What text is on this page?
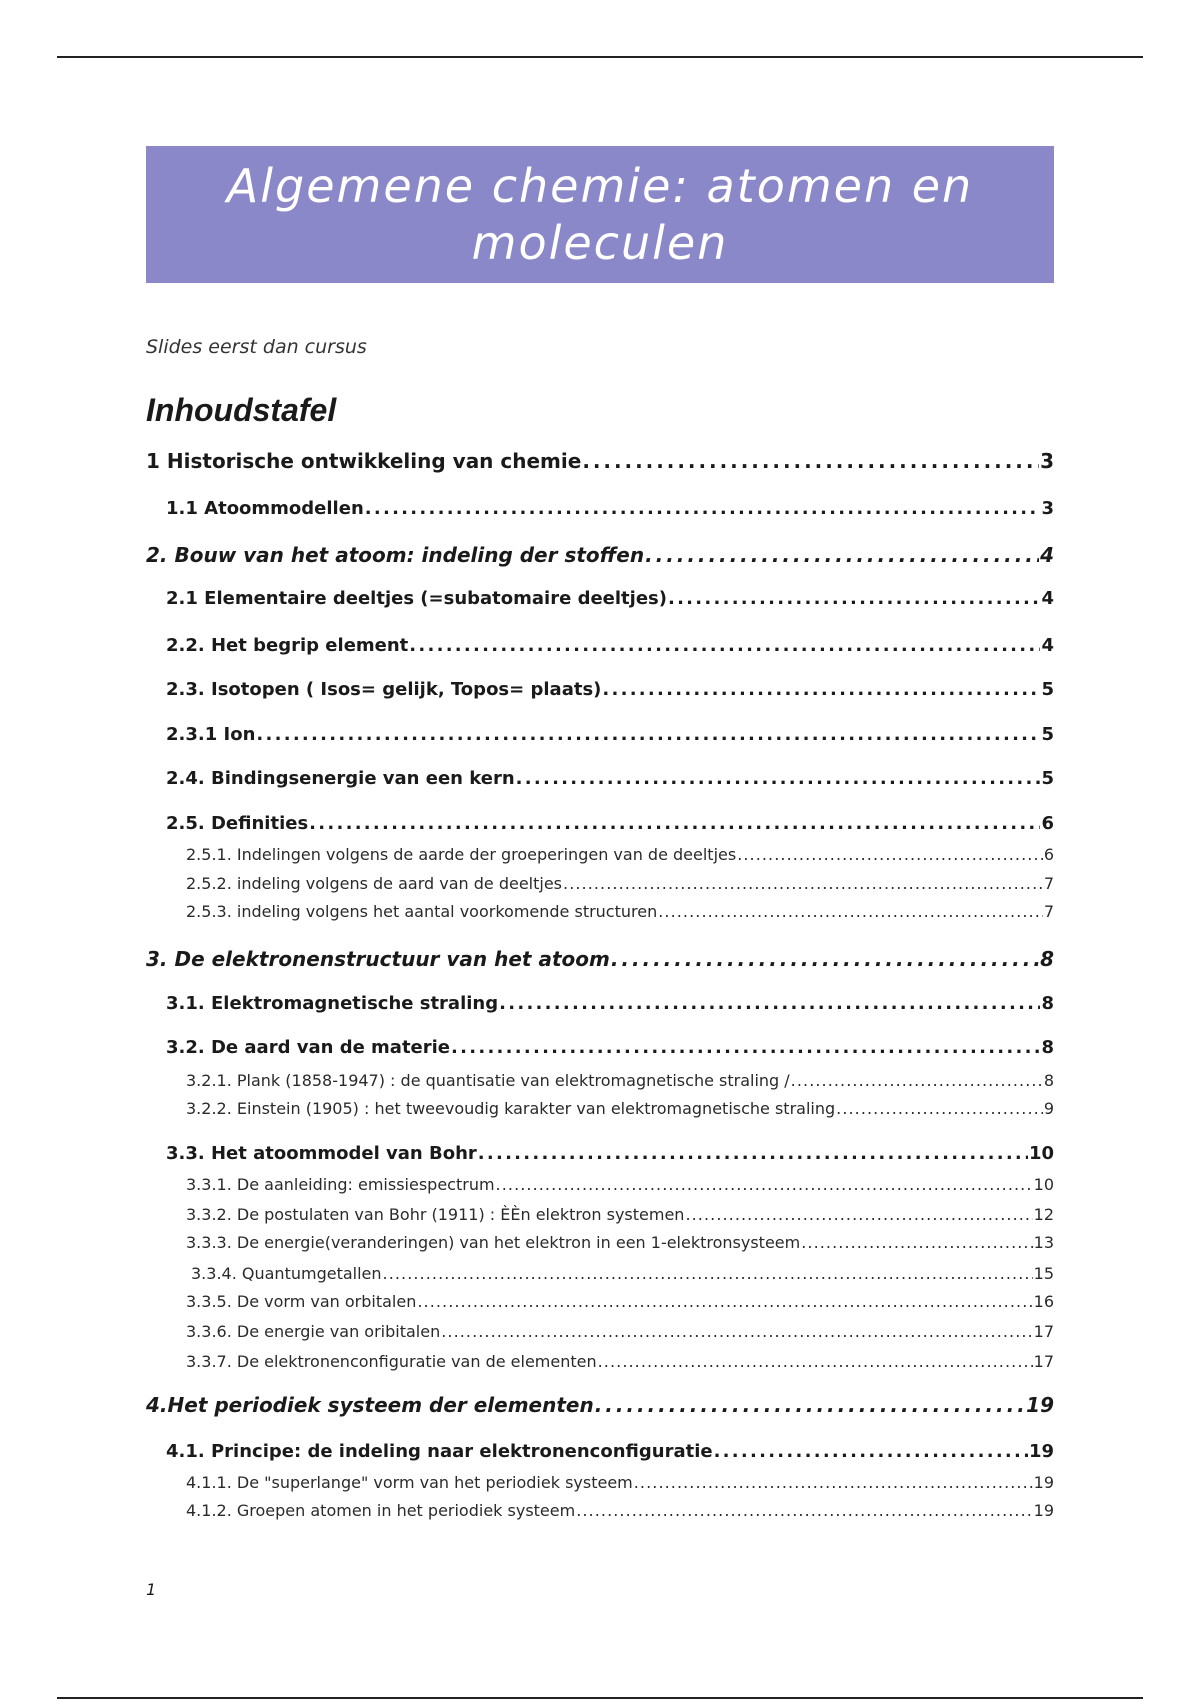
Algemene chemie: atomen en moleculen
Slides eerst dan cursus
Inhoudstafel
1 Historische ontwikkeling van chemie . . .	3
1.1 Atoommodellen . . .	3
2. Bouw van het atoom: indeling der stoffen . . .	4
2.1 Elementaire deeltjes (=subatomaire deeltjes) . . .	4
2.2. Het begrip element . . .	4
2.3. Isotopen ( Isos= gelijk, Topos= plaats) . . .	5
2.3.1 Ion . . .	5
2.4. Bindingsenergie van een kern . . .	5
2.5. Definities . . .	6
2.5.1. Indelingen volgens de aarde der groeperingen van de deeltjes . . .	6
2.5.2. indeling volgens de aard van de deeltjes . . .	7
2.5.3. indeling volgens het aantal voorkomende structuren . . .	7
3. De elektronenstructuur van het atoom . . .	8
3.1. Elektromagnetische straling . . .	8
3.2. De aard van de materie . . .	8
3.2.1. Plank (1858-1947) : de quantisatie van elektromagnetische straling / . . .	8
3.2.2. Einstein (1905) : het tweevoudig karakter van elektromagnetische straling . . .	9
3.3. Het atoommodel van Bohr . . .	10
3.3.1. De aanleiding: emissiespectrum . . .	10
3.3.2. De postulaten van Bohr (1911) : ÈÈn elektron systemen . . .	12
3.3.3. De energie(veranderingen) van het elektron in een 1-elektronsysteem . . .	13
3.3.4. Quantumgetallen . . .	15
3.3.5. De vorm van orbitalen . . .	16
3.3.6. De energie van oribitalen . . .	17
3.3.7. De elektronenconfiguratie van de elementen . . .	17
4.Het periodiek systeem der elementen . . .	19
4.1. Principe: de indeling naar elektronenconfiguratie . . .	19
4.1.1. De "superlange" vorm van het periodiek systeem . . .	19
4.1.2. Groepen atomen in het periodiek systeem . . .	19
1
